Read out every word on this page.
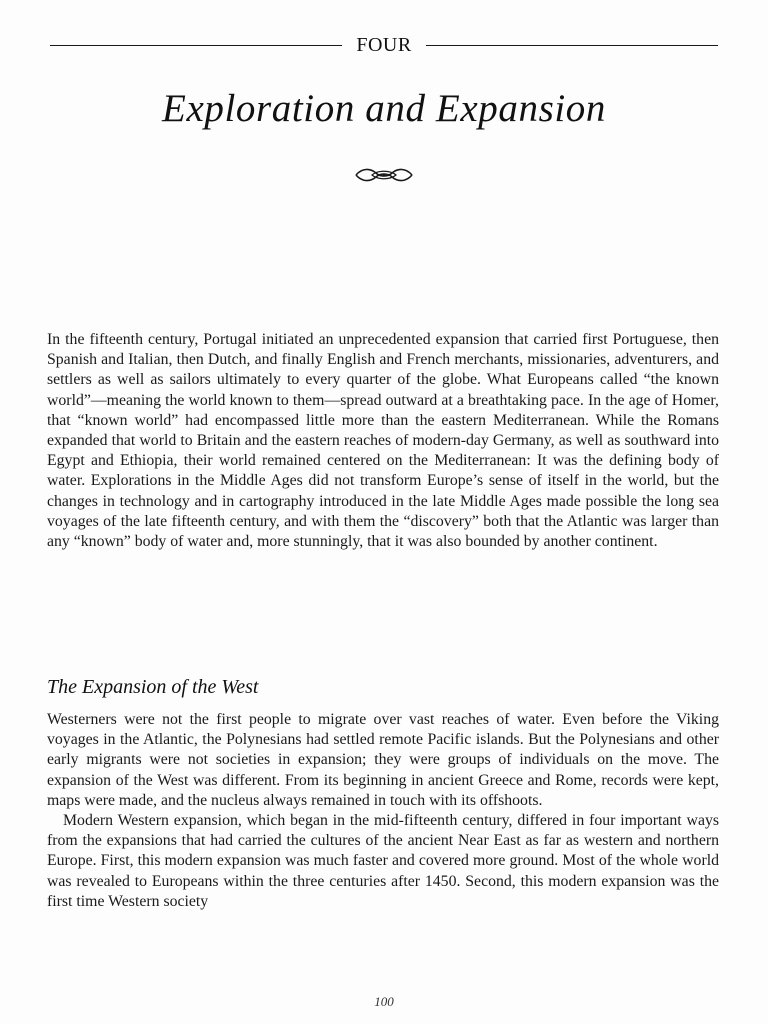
FOUR
Exploration and Expansion

In the fifteenth century, Portugal initiated an unprecedented expansion that carried first Portuguese, then Spanish and Italian, then Dutch, and finally English and French merchants, missionaries, adventurers, and settlers as well as sailors ultimately to every quarter of the globe. What Europeans called “the known world”—meaning the world known to them—spread outward at a breathtaking pace. In the age of Homer, that “known world” had encompassed little more than the eastern Mediterranean. While the Romans expanded that world to Britain and the eastern reaches of modern-day Germany, as well as southward into Egypt and Ethiopia, their world remained centered on the Mediterranean: It was the defining body of water. Explorations in the Middle Ages did not transform Europe’s sense of itself in the world, but the changes in technology and in cartography introduced in the late Middle Ages made possible the long sea voyages of the late fifteenth century, and with them the “discovery” both that the Atlantic was larger than any “known” body of water and, more stunningly, that it was also bounded by another continent.

The Expansion of the West

Westerners were not the first people to migrate over vast reaches of water. Even before the Viking voyages in the Atlantic, the Polynesians had settled remote Pacific islands. But the Polynesians and other early migrants were not societies in expansion; they were groups of individuals on the move. The expansion of the West was different. From its beginning in ancient Greece and Rome, records were kept, maps were made, and the nucleus always remained in touch with its offshoots.

Modern Western expansion, which began in the mid-fifteenth century, differed in four important ways from the expansions that had carried the cultures of the ancient Near East as far as western and northern Europe. First, this modern expansion was much faster and covered more ground. Most of the whole world was revealed to Europeans within the three centuries after 1450. Second, this modern expansion was the first time Western society

100
